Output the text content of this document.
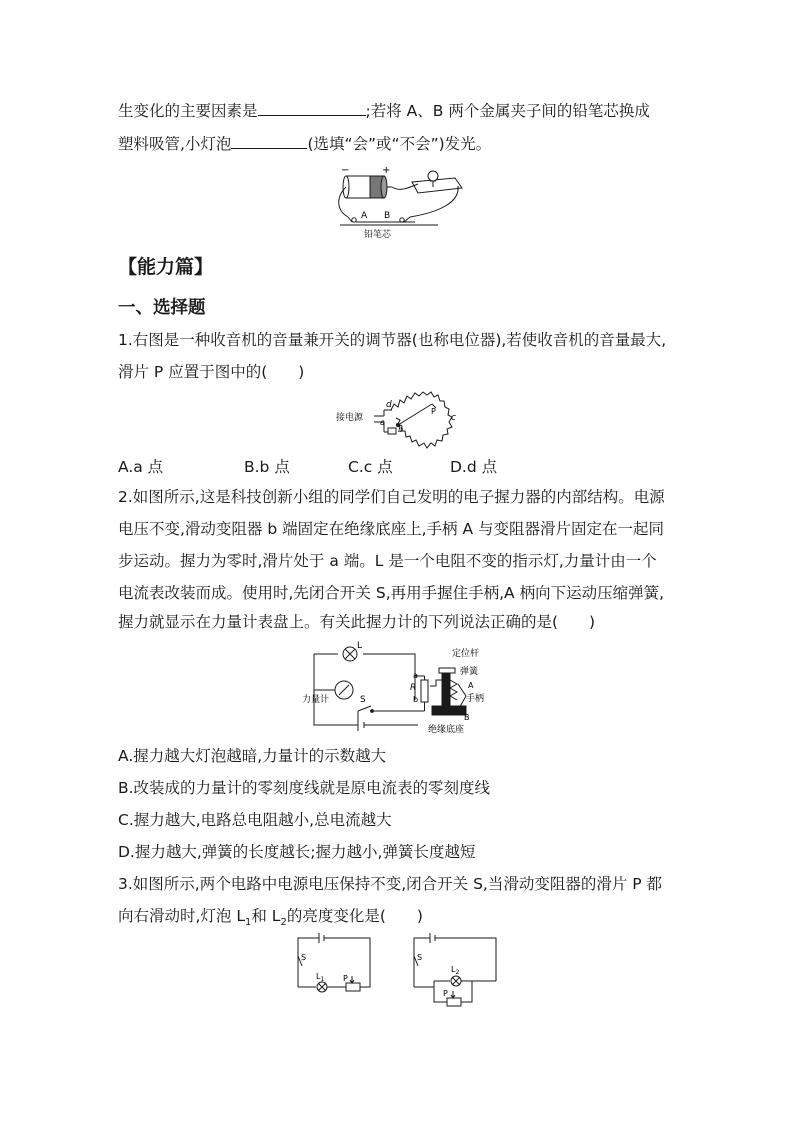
生变化的主要因素是	;若将 A、B 两个金属夹子间的铅笔芯换成
塑料吸管,小灯泡	(选填“会”或“不会”)发光。
−	+
A B
铅笔芯
【能力篇】
一、选择题
1.右图是一种收音机的音量兼开关的调节器(也称电位器),若使收音机的音量最大,
滑片 P 应置于图中的(　　)
接电源
d
a
b
P
c
A.a 点	B.b 点	C.c 点	D.d 点
2.如图所示,这是科技创新小组的同学们自己发明的电子握力器的内部结构。电源
电压不变,滑动变阻器 b 端固定在绝缘底座上,手柄 A 与变阻器滑片固定在一起同
步运动。握力为零时,滑片处于 a 端。L 是一个电阻不变的指示灯,力量计由一个
电流表改装而成。使用时,先闭合开关 S,再用手握住手柄,A 柄向下运动压缩弹簧,
握力就显示在力量计表盘上。有关此握力计的下列说法正确的是(　　)
L
力量计	S
R
a
b
定位杆
弹簧
A
手柄
绝缘底座
B
A.握力越大灯泡越暗,力量计的示数越大
B.改装成的力量计的零刻度线就是原电流表的零刻度线
C.握力越大,电路总电阻越小,总电流越大
D.握力越大,弹簧的长度越长;握力越小,弹簧长度越短
3.如图所示,两个电路中电源电压保持不变,闭合开关 S,当滑动变阻器的滑片 P 都
向右滑动时,灯泡 $L_1$和 $L_2$的亮度变化是(　　)
S
$L_1$ P
S
$L_2$
P
